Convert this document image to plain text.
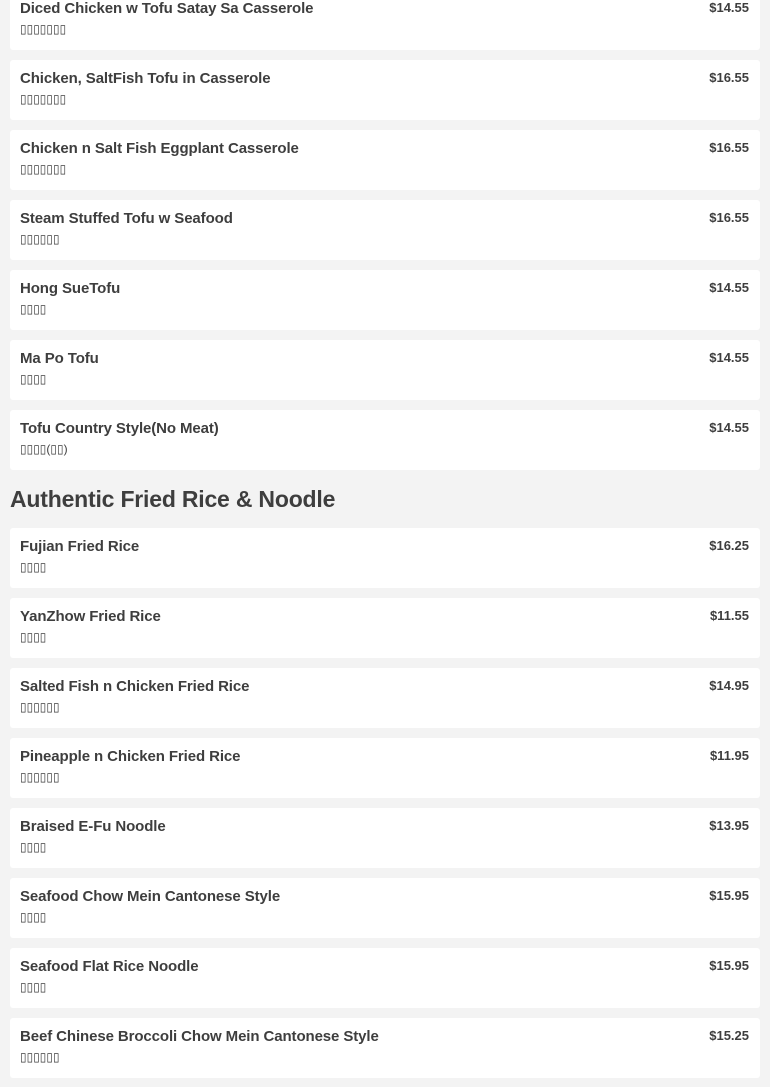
Diced Chicken w Tofu Satay Sa Casserole
▯▯▯▯▯▯▯
$14.55
Chicken, SaltFish Tofu in Casserole
▯▯▯▯▯▯▯
$16.55
Chicken n Salt Fish Eggplant Casserole
▯▯▯▯▯▯▯
$16.55
Steam Stuffed Tofu w Seafood
▯▯▯▯▯▯
$16.55
Hong SueTofu
▯▯▯▯
$14.55
Ma Po Tofu
▯▯▯▯
$14.55
Tofu Country Style(No Meat)
▯▯▯▯(▯▯)
$14.55
Authentic Fried Rice & Noodle
Fujian Fried Rice
▯▯▯▯
$16.25
YanZhow Fried Rice
▯▯▯▯
$11.55
Salted Fish n Chicken Fried Rice
▯▯▯▯▯▯
$14.95
Pineapple n Chicken Fried Rice
▯▯▯▯▯▯
$11.95
Braised E-Fu Noodle
▯▯▯▯
$13.95
Seafood Chow Mein Cantonese Style
▯▯▯▯
$15.95
Seafood Flat Rice Noodle
▯▯▯▯
$15.95
Beef Chinese Broccoli Chow Mein Cantonese Style
▯▯▯▯▯▯
$15.25
